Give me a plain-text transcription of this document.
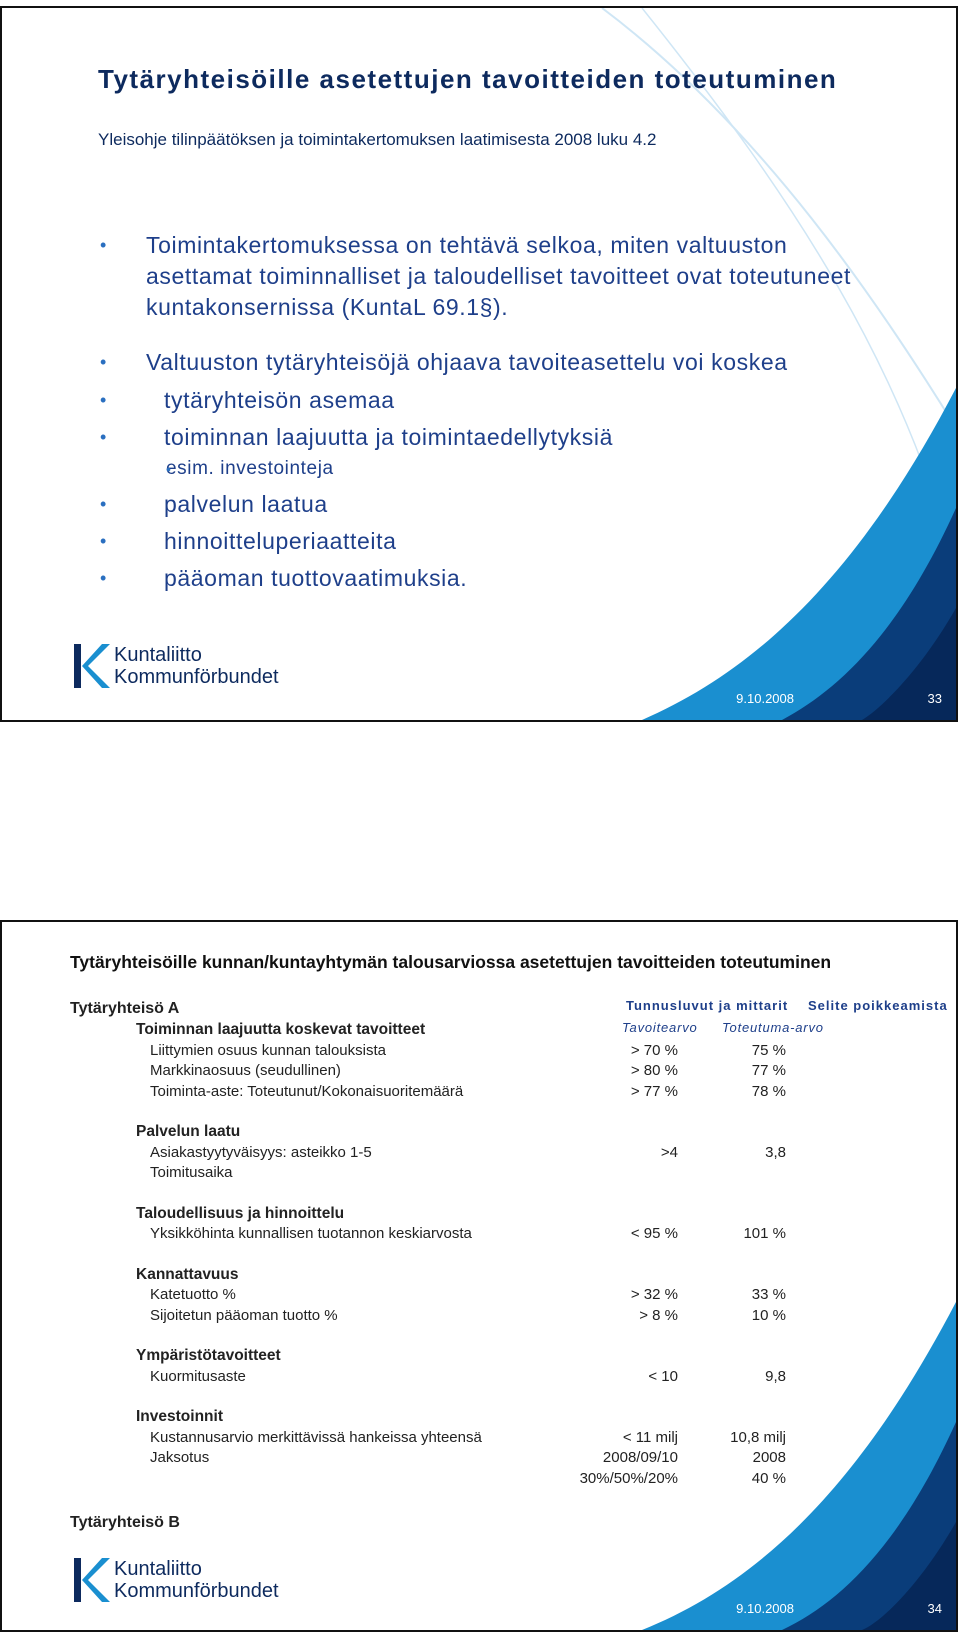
Tytäryhteisöille asetettujen tavoitteiden toteutuminen
Yleisohje tilinpäätöksen ja toimintakertomuksen laatimisesta 2008 luku 4.2
• Toimintakertomuksessa on tehtävä selkoa, miten valtuuston asettamat toiminnalliset ja taloudelliset tavoitteet ovat toteutuneet kuntakonsernissa (KuntaL 69.1§).
• Valtuuston tytäryhteisöjä ohjaava tavoiteasettelu voi koskea
• tytäryhteisön asemaa
• toiminnan laajuutta ja toimintaedellytyksiä
• esim. investointeja
• palvelun laatua
• hinnoitteluperiaatteita
• pääoman tuottovaatimuksia.
Kuntaliitto
Kommunförbundet
9.10.2008	33
Tytäryhteisöille kunnan/kuntayhtymän talousarviossa asetettujen tavoitteiden toteutuminen
Tunnusluvut ja mittarit Selite poikkeamista
Tavoitearvo Toteutuma-arvo
Tytäryhteisö A
Tytäryhteisö B
Toiminnan laajuutta koskevat tavoitteet
Liittymien osuus kunnan talouksista	> 70 %	75 %
Markkinaosuus (seudullinen)	> 80 %	77 %
Toiminta-aste: Toteutunut/Kokonaisuoritemäärä	> 77 %	78 %
Palvelun laatu
Asiakastyytyväisyys: asteikko 1-5	>4	3,8
Toimitusaika
Taloudellisuus ja hinnoittelu
Yksikköhinta kunnallisen tuotannon keskiarvosta	< 95 %	101 %
Kannattavuus
Katetuotto %	> 32 %	33 %
Sijoitetun pääoman tuotto %	> 8 %	10 %
Ympäristötavoitteet
Kuormitusaste	< 10	9,8
Investoinnit
Kustannusarvio merkittävissä hankeissa yhteensä	< 11 milj	10,8 milj
Jaksotus	2008/09/10	2008
30%/50%/20%	40 %
Kuntaliitto
Kommunförbundet
9.10.2008	34
